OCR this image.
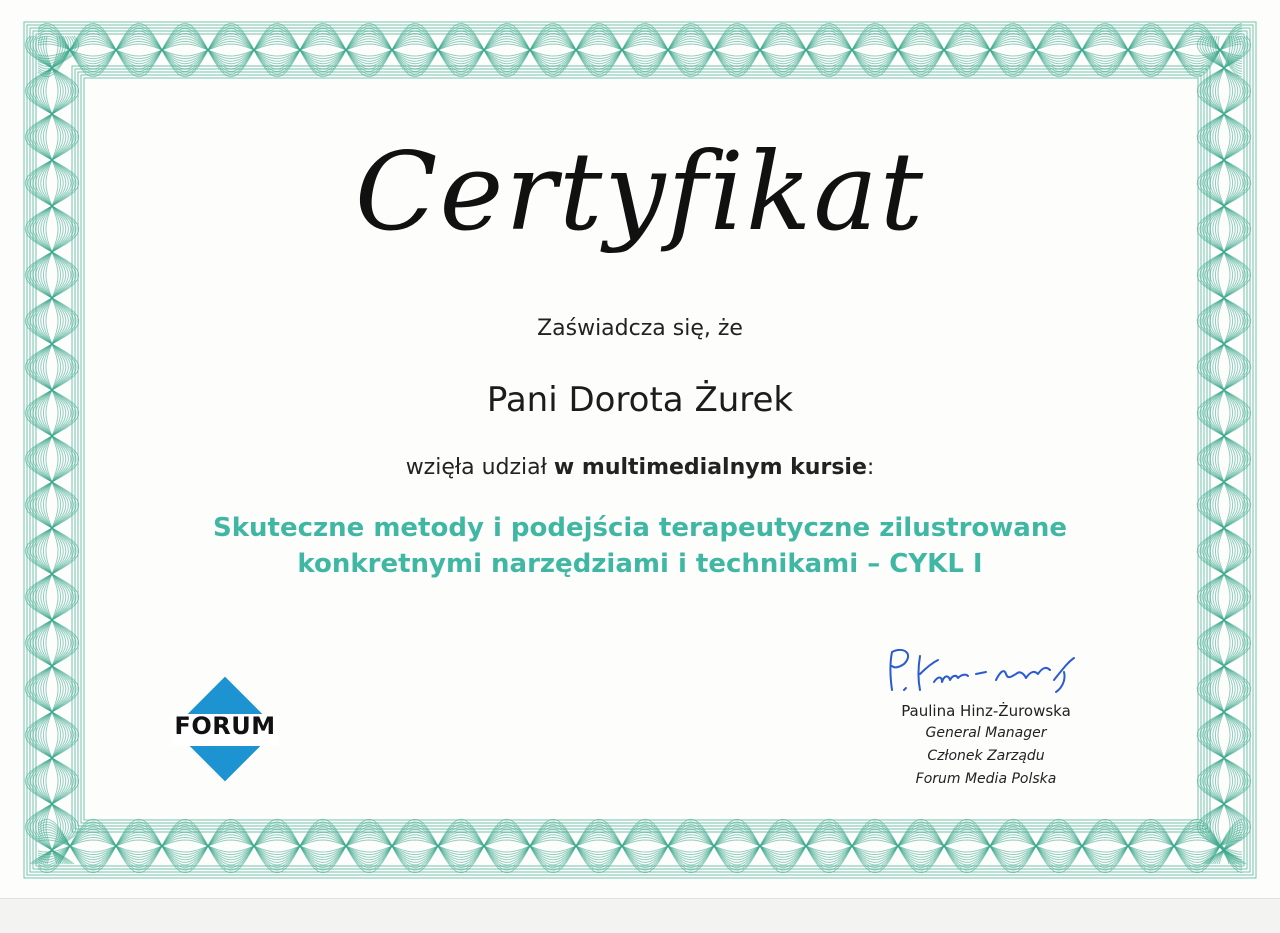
Certyfikat
Zaświadcza się, że
Pani Dorota Żurek
wzięła udział w multimedialnym kursie:
Skuteczne metody i podejścia terapeutyczne zilustrowane
konkretnymi narzędziami i technikami – CYKL I
FORUM
Paulina Hinz-Żurowska
General Manager
Członek Zarządu
Forum Media Polska
